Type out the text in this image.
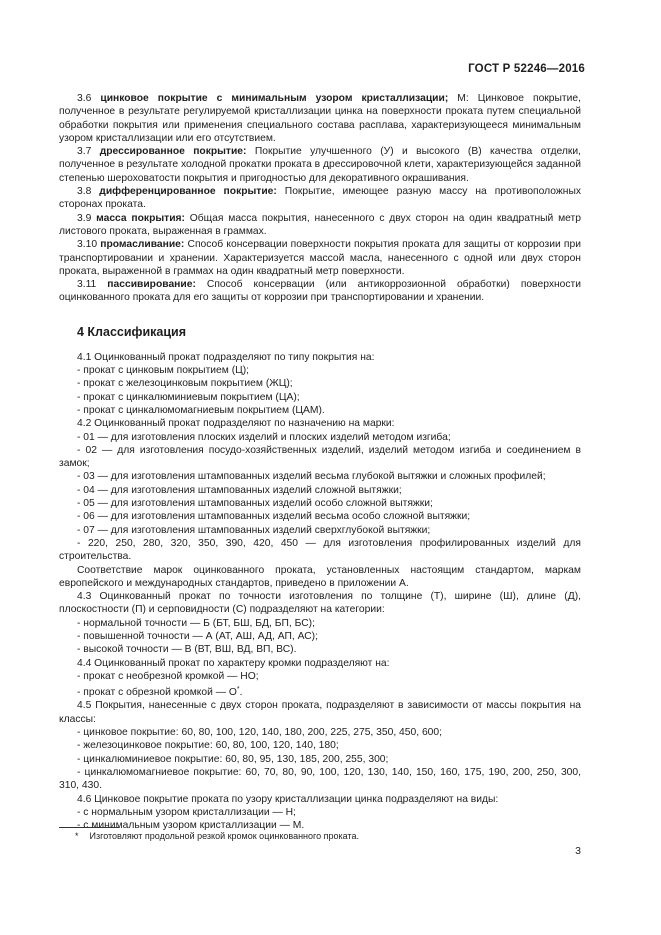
ГОСТ Р 52246—2016

3.6 цинковое покрытие с минимальным узором кристаллизации; М: Цинковое покрытие, полученное в результате регулируемой кристаллизации цинка на поверхности проката путем специальной обработки покрытия или применения специального состава расплава, характеризующееся минимальным узором кристаллизации или его отсутствием.

3.7 дрессированное покрытие: Покрытие улучшенного (У) и высокого (В) качества отделки, полученное в результате холодной прокатки проката в дрессировочной клети, характеризующейся заданной степенью шероховатости покрытия и пригодностью для декоративного окрашивания.

3.8 дифференцированное покрытие: Покрытие, имеющее разную массу на противоположных сторонах проката.

3.9 масса покрытия: Общая масса покрытия, нанесенного с двух сторон на один квадратный метр листового проката, выраженная в граммах.

3.10 промасливание: Способ консервации поверхности покрытия проката для защиты от коррозии при транспортировании и хранении. Характеризуется массой масла, нанесенного с одной или двух сторон проката, выраженной в граммах на один квадратный метр поверхности.

3.11 пассивирование: Способ консервации (или антикоррозионной обработки) поверхности оцинкованного проката для его защиты от коррозии при транспортировании и хранении.

4 Классификация

4.1 Оцинкованный прокат подразделяют по типу покрытия на:

- прокат с цинковым покрытием (Ц);

- прокат с железоцинковым покрытием (ЖЦ);

- прокат с цинкалюминиевым покрытием (ЦА);

- прокат с цинкалюмомагниевым покрытием (ЦАМ).

4.2 Оцинкованный прокат подразделяют по назначению на марки:

- 01 — для изготовления плоских изделий и плоских изделий методом изгиба;

- 02 — для изготовления посудо-хозяйственных изделий, изделий методом изгиба и соединением в замок;

- 03 — для изготовления штампованных изделий весьма глубокой вытяжки и сложных профилей;

- 04 — для изготовления штампованных изделий сложной вытяжки;

- 05 — для изготовления штампованных изделий особо сложной вытяжки;

- 06 — для изготовления штампованных изделий весьма особо сложной вытяжки;

- 07 — для изготовления штампованных изделий сверхглубокой вытяжки;

- 220, 250, 280, 320, 350, 390, 420, 450 — для изготовления профилированных изделий для строительства.

Соответствие марок оцинкованного проката, установленных настоящим стандартом, маркам европейского и международных стандартов, приведено в приложении А.

4.3 Оцинкованный прокат по точности изготовления по толщине (Т), ширине (Ш), длине (Д), плоскостности (П) и серповидности (С) подразделяют на категории:

- нормальной точности — Б (БТ, БШ, БД, БП, БС);

- повышенной точности — А (АТ, АШ, АД, АП, АС);

- высокой точности — В (ВТ, ВШ, ВД, ВП, ВС).

4.4 Оцинкованный прокат по характеру кромки подразделяют на:

- прокат с необрезной кромкой — НО;

- прокат с обрезной кромкой — О*.

4.5 Покрытия, нанесенные с двух сторон проката, подразделяют в зависимости от массы покрытия на классы:

- цинковое покрытие: 60, 80, 100, 120, 140, 180, 200, 225, 275, 350, 450, 600;

- железоцинковое покрытие: 60, 80, 100, 120, 140, 180;

- цинкалюминиевое покрытие: 60, 80, 95, 130, 185, 200, 255, 300;

- цинкалюмомагниевое покрытие: 60, 70, 80, 90, 100, 120, 130, 140, 150, 160, 175, 190, 200, 250, 300, 310, 430.

4.6 Цинковое покрытие проката по узору кристаллизации цинка подразделяют на виды:

- с нормальным узором кристаллизации — Н;

- с минимальным узором кристаллизации — М.

* Изготовляют продольной резкой кромок оцинкованного проката.
3
